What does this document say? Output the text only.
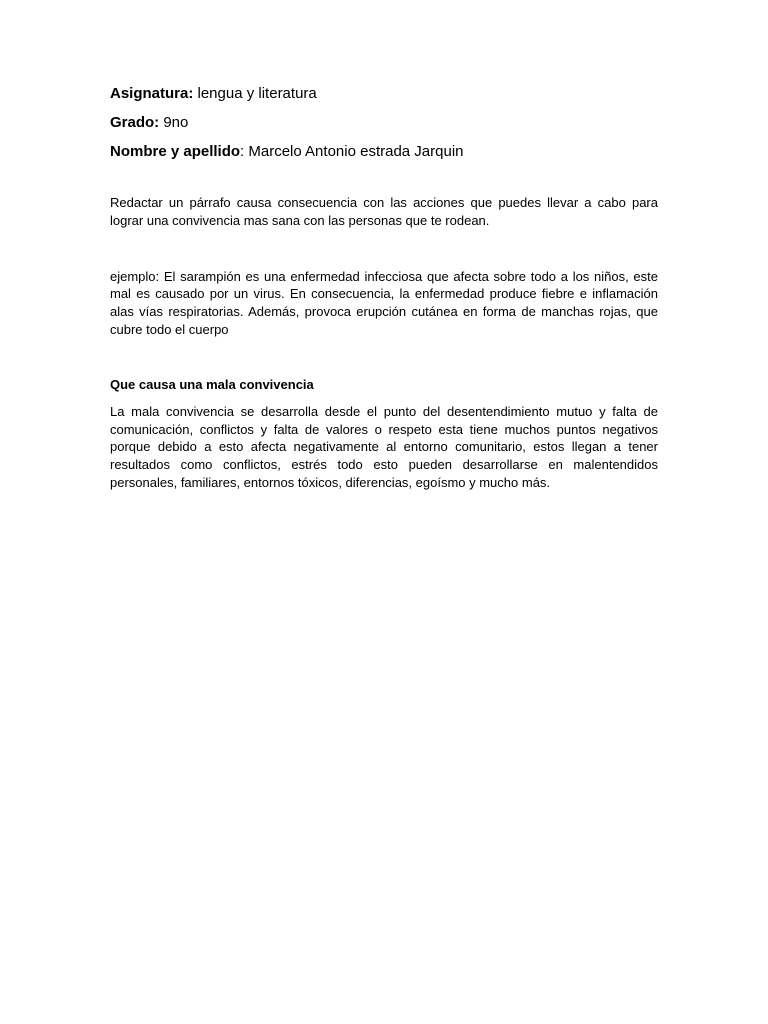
Asignatura: lengua y literatura

Grado: 9no

Nombre y apellido: Marcelo Antonio estrada Jarquin

Redactar un párrafo causa consecuencia con las acciones que puedes llevar a cabo para lograr una convivencia mas sana con las personas que te rodean.

ejemplo: El sarampión es una enfermedad infecciosa que afecta sobre todo a los niños, este mal es causado por un virus. En consecuencia, la enfermedad produce fiebre e inflamación alas vías respiratorias. Además, provoca erupción cutánea en forma de manchas rojas, que cubre todo el cuerpo

Que causa una mala convivencia

La mala convivencia se desarrolla desde el punto del desentendimiento mutuo y falta de comunicación, conflictos y falta de valores o respeto esta tiene muchos puntos negativos porque debido a esto afecta negativamente al entorno comunitario, estos llegan a tener resultados como conflictos, estrés todo esto pueden desarrollarse en malentendidos personales, familiares, entornos tóxicos, diferencias, egoísmo y mucho más.
